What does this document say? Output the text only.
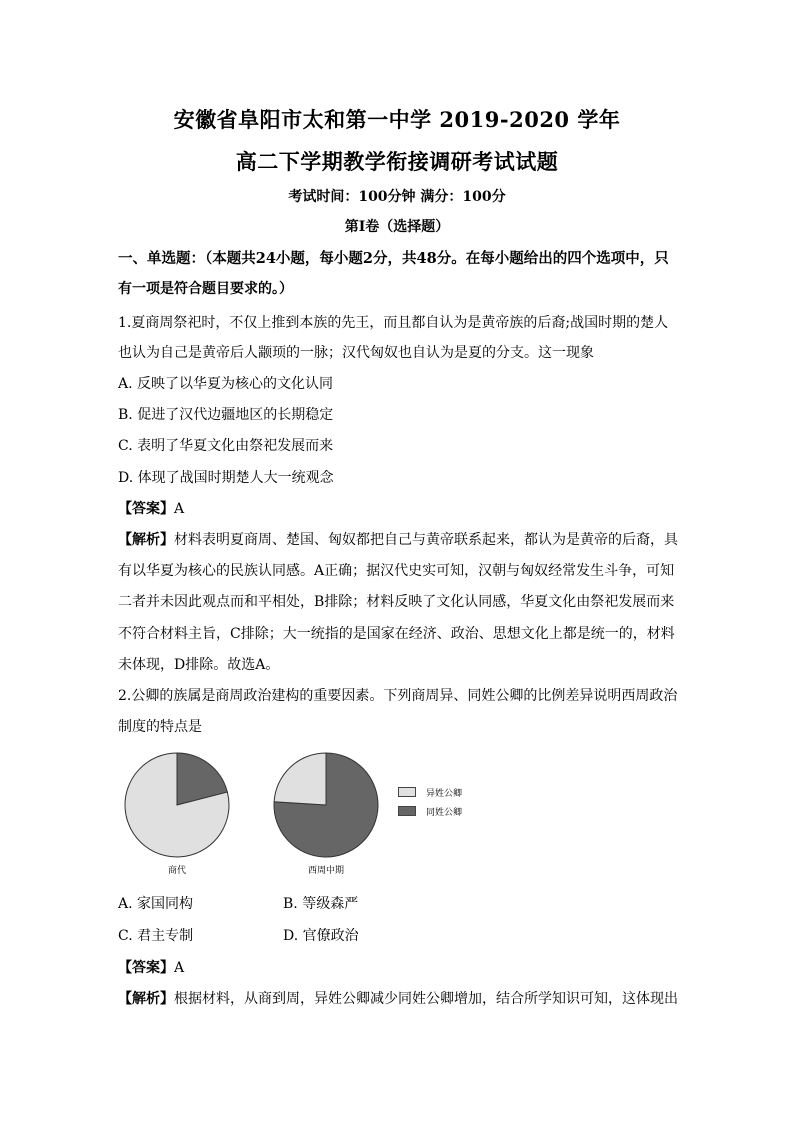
安徽省阜阳市太和第一中学 2019-2020 学年
高二下学期教学衔接调研考试试题
考试时间：100分钟 满分：100分
第Ⅰ卷（选择题）
一、单选题：（本题共24小题，每小题2分，共48分。在每小题给出的四个选项中，只
有一项是符合题目要求的。）
1.夏商周祭祀时，不仅上推到本族的先王，而且都自认为是黄帝族的后裔;战国时期的楚人
也认为自己是黄帝后人颛顼的一脉；汉代匈奴也自认为是夏的分支。这一现象
A. 反映了以华夏为核心的文化认同
B. 促进了汉代边疆地区的长期稳定
C. 表明了华夏文化由祭祀发展而来
D. 体现了战国时期楚人大一统观念
【答案】A
【解析】材料表明夏商周、楚国、匈奴都把自己与黄帝联系起来，都认为是黄帝的后裔，具
有以华夏为核心的民族认同感。A正确；据汉代史实可知，汉朝与匈奴经常发生斗争，可知
二者并未因此观点而和平相处，B排除；材料反映了文化认同感，华夏文化由祭祀发展而来
不符合材料主旨，C排除；大一统指的是国家在经济、政治、思想文化上都是统一的，材料
未体现，D排除。故选A。
2.公卿的族属是商周政治建构的重要因素。下列商周异、同姓公卿的比例差异说明西周政治
制度的特点是
商代	西周中期
异姓公卿
同姓公卿
A. 家国同构	B. 等级森严
C. 君主专制	D. 官僚政治
【答案】A
【解析】根据材料，从商到周，异姓公卿减少同姓公卿增加，结合所学知识可知，这体现出
